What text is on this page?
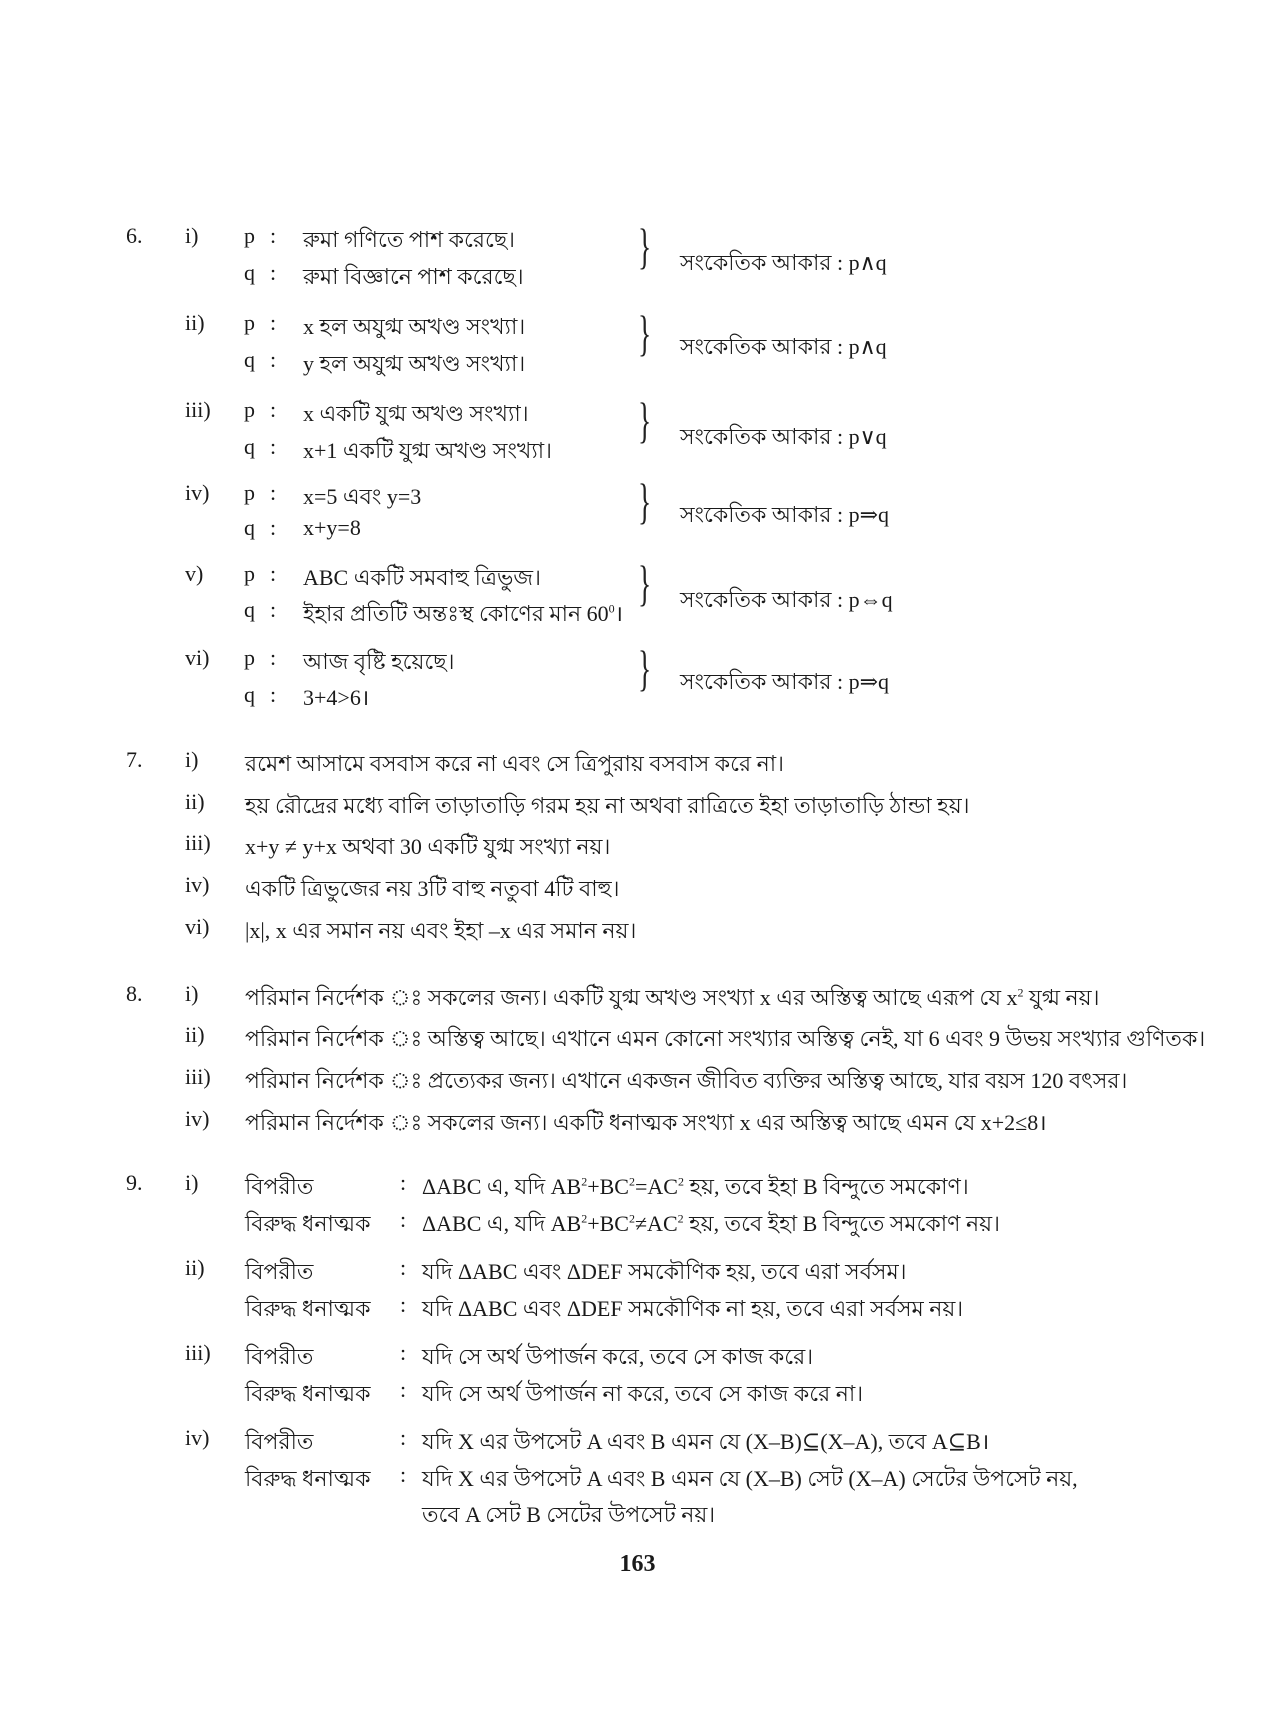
6. i) p : রুমা গণিতে পাশ করেছে।
q : রুমা বিজ্ঞানে পাশ করেছে।
} সংকেতিক আকার : p∧q
ii) p : x হল অযুগ্ম অখণ্ড সংখ্যা।
q : y হল অযুগ্ম অখণ্ড সংখ্যা।
} সংকেতিক আকার : p∧q
iii) p : x একটি যুগ্ম অখণ্ড সংখ্যা।
q : x+1 একটি যুগ্ম অখণ্ড সংখ্যা।
} সংকেতিক আকার : p∨q
iv) p : x=5 এবং y=3
q : x+y=8	} সংকেতিক আকার : p⇒q
v) p : ABC একটি সমবাহু ত্রিভুজ।
q : ইহার প্রতিটি অন্তঃস্থ কোণের মান $60^0।$
} সংকেতিক আকার : p⇔q
vi) p : আজ বৃষ্টি হয়েছে।
q : 3+4>6।
} সংকেতিক আকার : p⇒q
7. i) রমেশ আসামে বসবাস করে না এবং সে ত্রিপুরায় বসবাস করে না।
ii) হয় রৌদ্রের মধ্যে বালি তাড়াতাড়ি গরম হয় না অথবা রাত্রিতে ইহা তাড়াতাড়ি ঠান্ডা হয়।
iii) x+y ≠ y+x অথবা 30 একটি যুগ্ম সংখ্যা নয়।
iv) একটি ত্রিভুজের নয় 3টি বাহু নতুবা 4টি বাহু।
vi) |x|, x এর সমান নয় এবং ইহা –x এর সমান নয়।
8. i) পরিমান নির্দেশক ঃ সকলের জন্য। একটি যুগ্ম অখণ্ড সংখ্যা x এর অস্তিত্ব আছে এরূপ যে $x^2$ যুগ্ম নয়।
ii) পরিমান নির্দেশক ঃ অস্তিত্ব আছে। এখানে এমন কোনো সংখ্যার অস্তিত্ব নেই, যা 6 এবং 9 উভয় সংখ্যার গুণিতক।
iii) পরিমান নির্দেশক ঃ প্রত্যেকর জন্য। এখানে একজন জীবিত ব্যক্তির অস্তিত্ব আছে, যার বয়স 120 বৎসর।
iv) পরিমান নির্দেশক ঃ সকলের জন্য। একটি ধনাত্মক সংখ্যা x এর অস্তিত্ব আছে এমন যে x+2≤8।
9. i) বিপরীত	: ΔABC এ, যদি $AB^2+BC^2=AC^2$ হয়, তবে ইহা B বিন্দুতে সমকোণ।
বিরুদ্ধ ধনাত্মক : ΔABC এ, যদি $AB^2+BC^2\ne AC^2$ হয়, তবে ইহা B বিন্দুতে সমকোণ নয়।
ii) বিপরীত	: যদি ΔABC এবং ΔDEF সমকৌণিক হয়, তবে এরা সর্বসম।
বিরুদ্ধ ধনাত্মক : যদি ΔABC এবং ΔDEF সমকৌণিক না হয়, তবে এরা সর্বসম নয়।
iii) বিপরীত	: যদি সে অর্থ উপার্জন করে, তবে সে কাজ করে।
বিরুদ্ধ ধনাত্মক : যদি সে অর্থ উপার্জন না করে, তবে সে কাজ করে না।
iv) বিপরীত	: যদি X এর উপসেট A এবং B এমন যে (X–B)⊆(X–A), তবে A⊆B।
বিরুদ্ধ ধনাত্মক : যদি X এর উপসেট A এবং B এমন যে (X–B) সেট (X–A) সেটের উপসেট নয়,
তবে A সেট B সেটের উপসেট নয়।
163
